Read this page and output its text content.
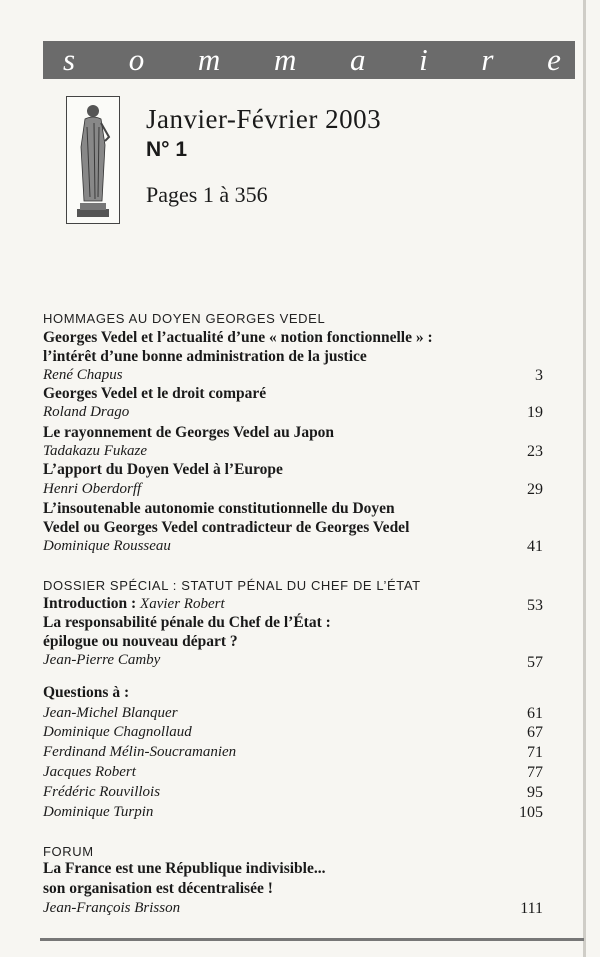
s o m m a i r e
Janvier-Février 2003
N° 1
Pages 1 à 356
HOMMAGES AU DOYEN GEORGES VEDEL
Georges Vedel et l’actualité d’une « notion fonctionnelle » :
l’intérêt d’une bonne administration de la justice
René Chapus	3
Georges Vedel et le droit comparé
Roland Drago	19
Le rayonnement de Georges Vedel au Japon
Tadakazu Fukaze	23
L’apport du Doyen Vedel à l’Europe
Henri Oberdorff	29
L’insoutenable autonomie constitutionnelle du Doyen
Vedel ou Georges Vedel contradicteur de Georges Vedel
Dominique Rousseau	41
DOSSIER SPÉCIAL : STATUT PÉNAL DU CHEF DE L’ÉTAT
Introduction : Xavier Robert	53
La responsabilité pénale du Chef de l’État :
épilogue ou nouveau départ ?
Jean-Pierre Camby	57
Questions à :
Jean-Michel Blanquer	61
Dominique Chagnollaud	67
Ferdinand Mélin-Soucramanien	71
Jacques Robert	77
Frédéric Rouvillois	95
Dominique Turpin	105
FORUM
La France est une République indivisible...
son organisation est décentralisée !
Jean-François Brisson	111
